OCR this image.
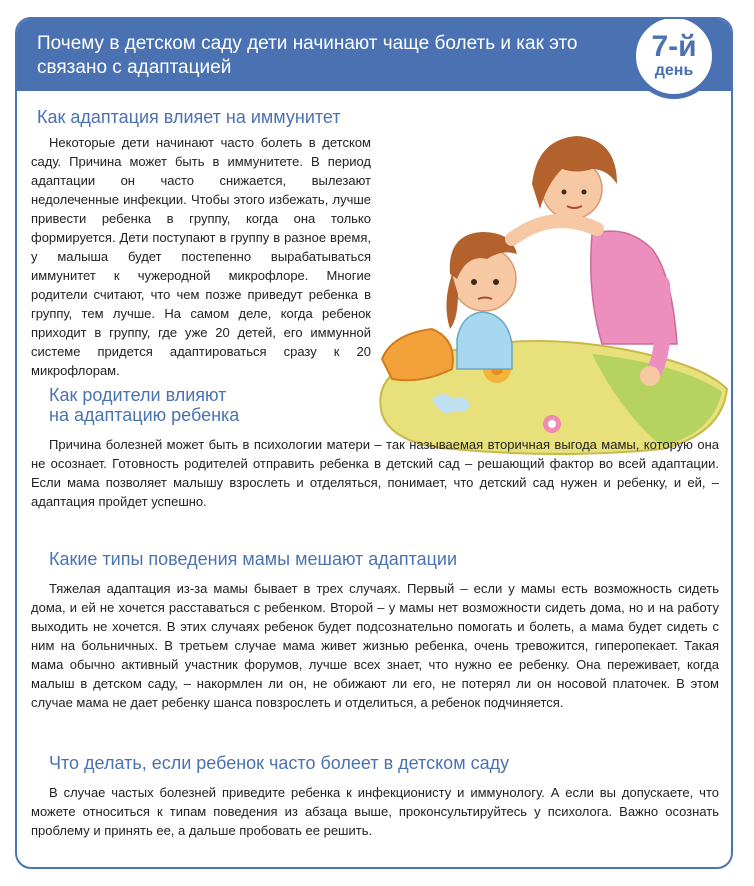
Почему в детском саду дети начинают чаще болеть и как это связано с адаптацией
7-й
день
Как адаптация влияет на иммунитет

Некоторые дети начинают часто болеть в детском саду. Причина может быть в иммунитете. В период адаптации он часто снижается, вылезают недолеченные инфекции. Чтобы этого избежать, лучше привести ребенка в группу, когда она только формируется. Дети поступают в группу в разное время, у малыша будет постепенно вырабатываться иммунитет к чужеродной микрофлоре. Многие родители считают, что чем позже приведут ребенка в группу, тем лучше. На самом деле, когда ребенок приходит в группу, где уже 20 детей, его иммунной системе придется адаптироваться сразу к 20 микрофлорам.

Как родители влияют
на адаптацию ребенка

Причина болезней может быть в психологии матери – так называемая вторичная выгода мамы, которую она не осознает. Готовность родителей отправить ребенка в детский сад – решающий фактор во всей адаптации. Если мама позволяет малышу взрослеть и отделяться, понимает, что детский сад нужен и ребенку, и ей, – адаптация пройдет успешно.

Какие типы поведения мамы мешают адаптации

Тяжелая адаптация из-за мамы бывает в трех случаях. Первый – если у мамы есть возможность сидеть дома, и ей не хочется расставаться с ребенком. Второй – у мамы нет возможности сидеть дома, но и на работу выходить не хочется. В этих случаях ребенок будет подсознательно помогать и болеть, а мама будет сидеть с ним на больничных. В третьем случае мама живет жизнью ребенка, очень тревожится, гиперопекает. Такая мама обычно активный участник форумов, лучше всех знает, что нужно ее ребенку. Она переживает, когда малыш в детском саду, – накормлен ли он, не обижают ли его, не потерял ли он носовой платочек. В этом случае мама не дает ребенку шанса повзрослеть и отделиться, а ребенок подчиняется.

Что делать, если ребенок часто болеет в детском саду

В случае частых болезней приведите ребенка к инфекционисту и иммунологу. А если вы допускаете, что можете относиться к типам поведения из абзаца выше, проконсультируйтесь у психолога. Важно осознать проблему и принять ее, а дальше пробовать ее решить.
